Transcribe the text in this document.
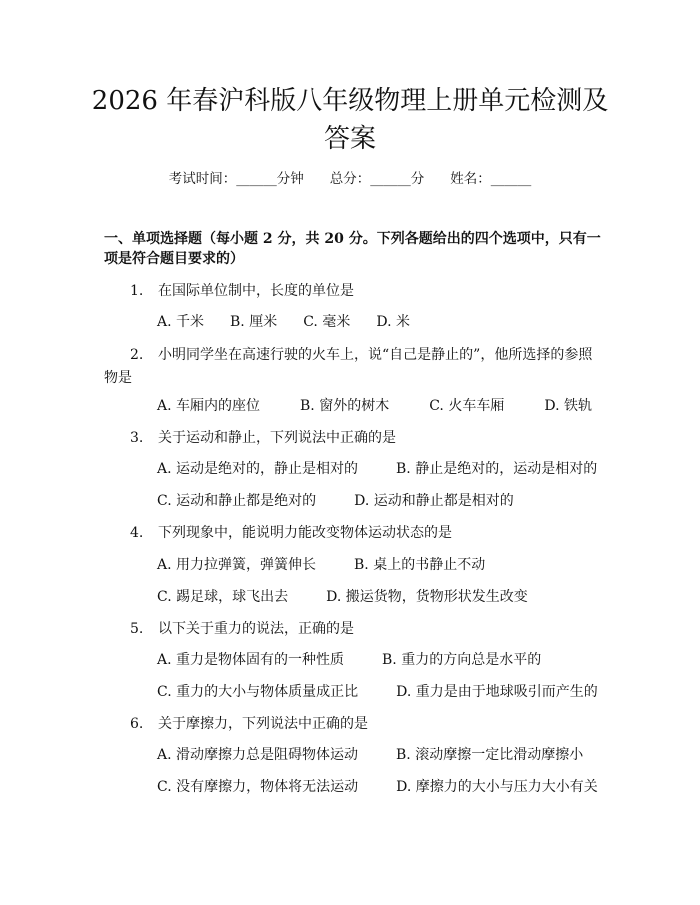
2026 年春沪科版八年级物理上册单元检测及答案
考试时间：______分钟 总分：______分 姓名：______
一、单项选择题（每小题 2 分，共 20 分。下列各题给出的四个选项中，只有一项是符合题目要求的）
1. 在国际单位制中，长度的单位是
A. 千米 B. 厘米 C. 毫米 D. 米
2. 小明同学坐在高速行驶的火车上，说“自己是静止的”，他所选择的参照物是
A. 车厢内的座位	B. 窗外的树木	C. 火车车厢	D. 铁轨
3. 关于运动和静止，下列说法中正确的是
A. 运动是绝对的，静止是相对的	B. 静止是绝对的，运动是相对的
C. 运动和静止都是绝对的	D. 运动和静止都是相对的
4. 下列现象中，能说明力能改变物体运动状态的是
A. 用力拉弹簧，弹簧伸长	B. 桌上的书静止不动
C. 踢足球，球飞出去	D. 搬运货物，货物形状发生改变
5. 以下关于重力的说法，正确的是
A. 重力是物体固有的一种性质	B. 重力的方向总是水平的
C. 重力的大小与物体质量成正比	D. 重力是由于地球吸引而产生的
6. 关于摩擦力，下列说法中正确的是
A. 滑动摩擦力总是阻碍物体运动	B. 滚动摩擦一定比滑动摩擦小
C. 没有摩擦力，物体将无法运动	D. 摩擦力的大小与压力大小有关
